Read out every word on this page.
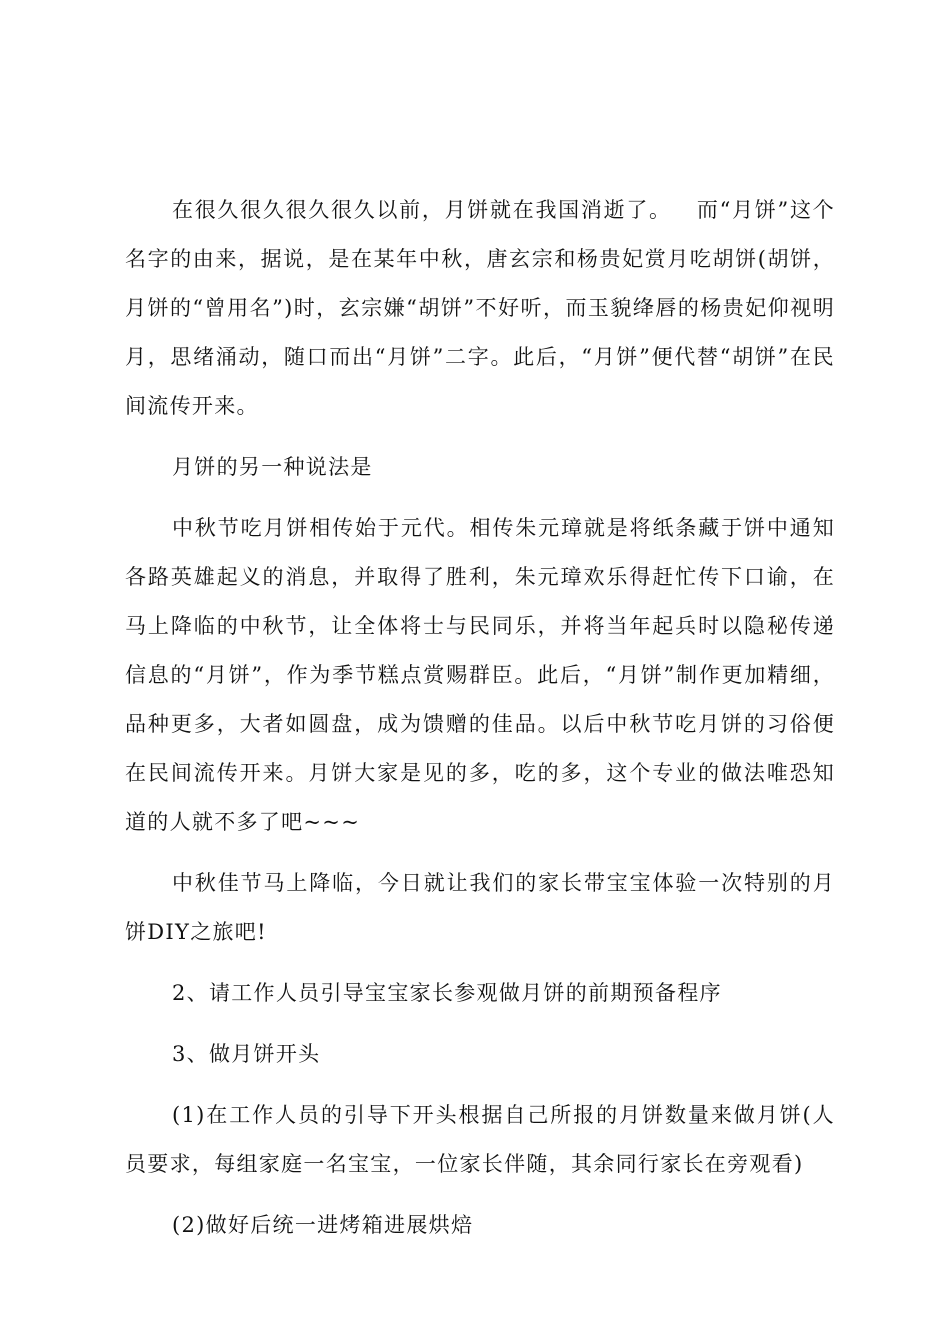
在很久很久很久很久以前，月饼就在我国消逝了。   而“月饼”这个名字的由来，据说，是在某年中秋，唐玄宗和杨贵妃赏月吃胡饼(胡饼，月饼的“曾用名”)时，玄宗嫌“胡饼”不好听，而玉貌绛唇的杨贵妃仰视明月，思绪涌动，随口而出“月饼”二字。此后，“月饼”便代替“胡饼”在民间流传开来。

月饼的另一种说法是

中秋节吃月饼相传始于元代。相传朱元璋就是将纸条藏于饼中通知各路英雄起义的消息，并取得了胜利，朱元璋欢乐得赶忙传下口谕，在马上降临的中秋节，让全体将士与民同乐，并将当年起兵时以隐秘传递信息的“月饼”，作为季节糕点赏赐群臣。此后，“月饼”制作更加精细，品种更多，大者如圆盘，成为馈赠的佳品。以后中秋节吃月饼的习俗便在民间流传开来。月饼大家是见的多，吃的多，这个专业的做法唯恐知道的人就不多了吧~~~

中秋佳节马上降临，今日就让我们的家长带宝宝体验一次特别的月饼DIY之旅吧!

2、请工作人员引导宝宝家长参观做月饼的前期预备程序

3、做月饼开头

(1)在工作人员的引导下开头根据自己所报的月饼数量来做月饼(人员要求，每组家庭一名宝宝，一位家长伴随，其余同行家长在旁观看)

(2)做好后统一进烤箱进展烘焙
